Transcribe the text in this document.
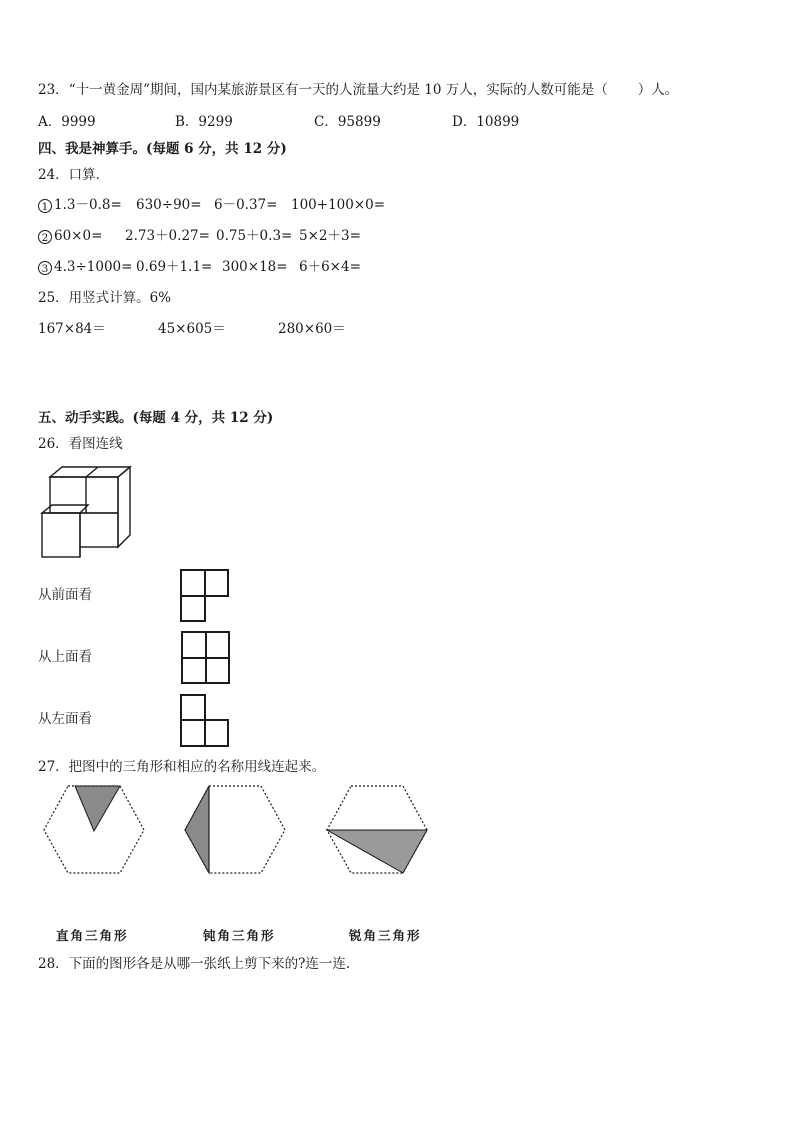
23．“十一黄金周”期间，国内某旅游景区有一天的人流量大约是 10 万人，实际的人数可能是（ ）人。
A．9999	B．9299	C．95899	D．10899
四、我是神算手。(每题 6 分，共 12 分)
24．口算．
1 1.3－0.8= 630÷90= 6－0.37= 100+100×0=
2 60×0= 2.73＋0.27= 0.75＋0.3= 5×2＋3=
3 4.3÷1000= 0.69＋1.1= 300×18= 6＋6×4=
25．用竖式计算。6%
167×84＝	45×605＝	280×60＝
五、动手实践。(每题 4 分，共 12 分)
26．看图连线
从前面看
从上面看
从左面看
27．把图中的三角形和相应的名称用线连起来。
直角三角形	钝角三角形	锐角三角形
28．下面的图形各是从哪一张纸上剪下来的?连一连.
